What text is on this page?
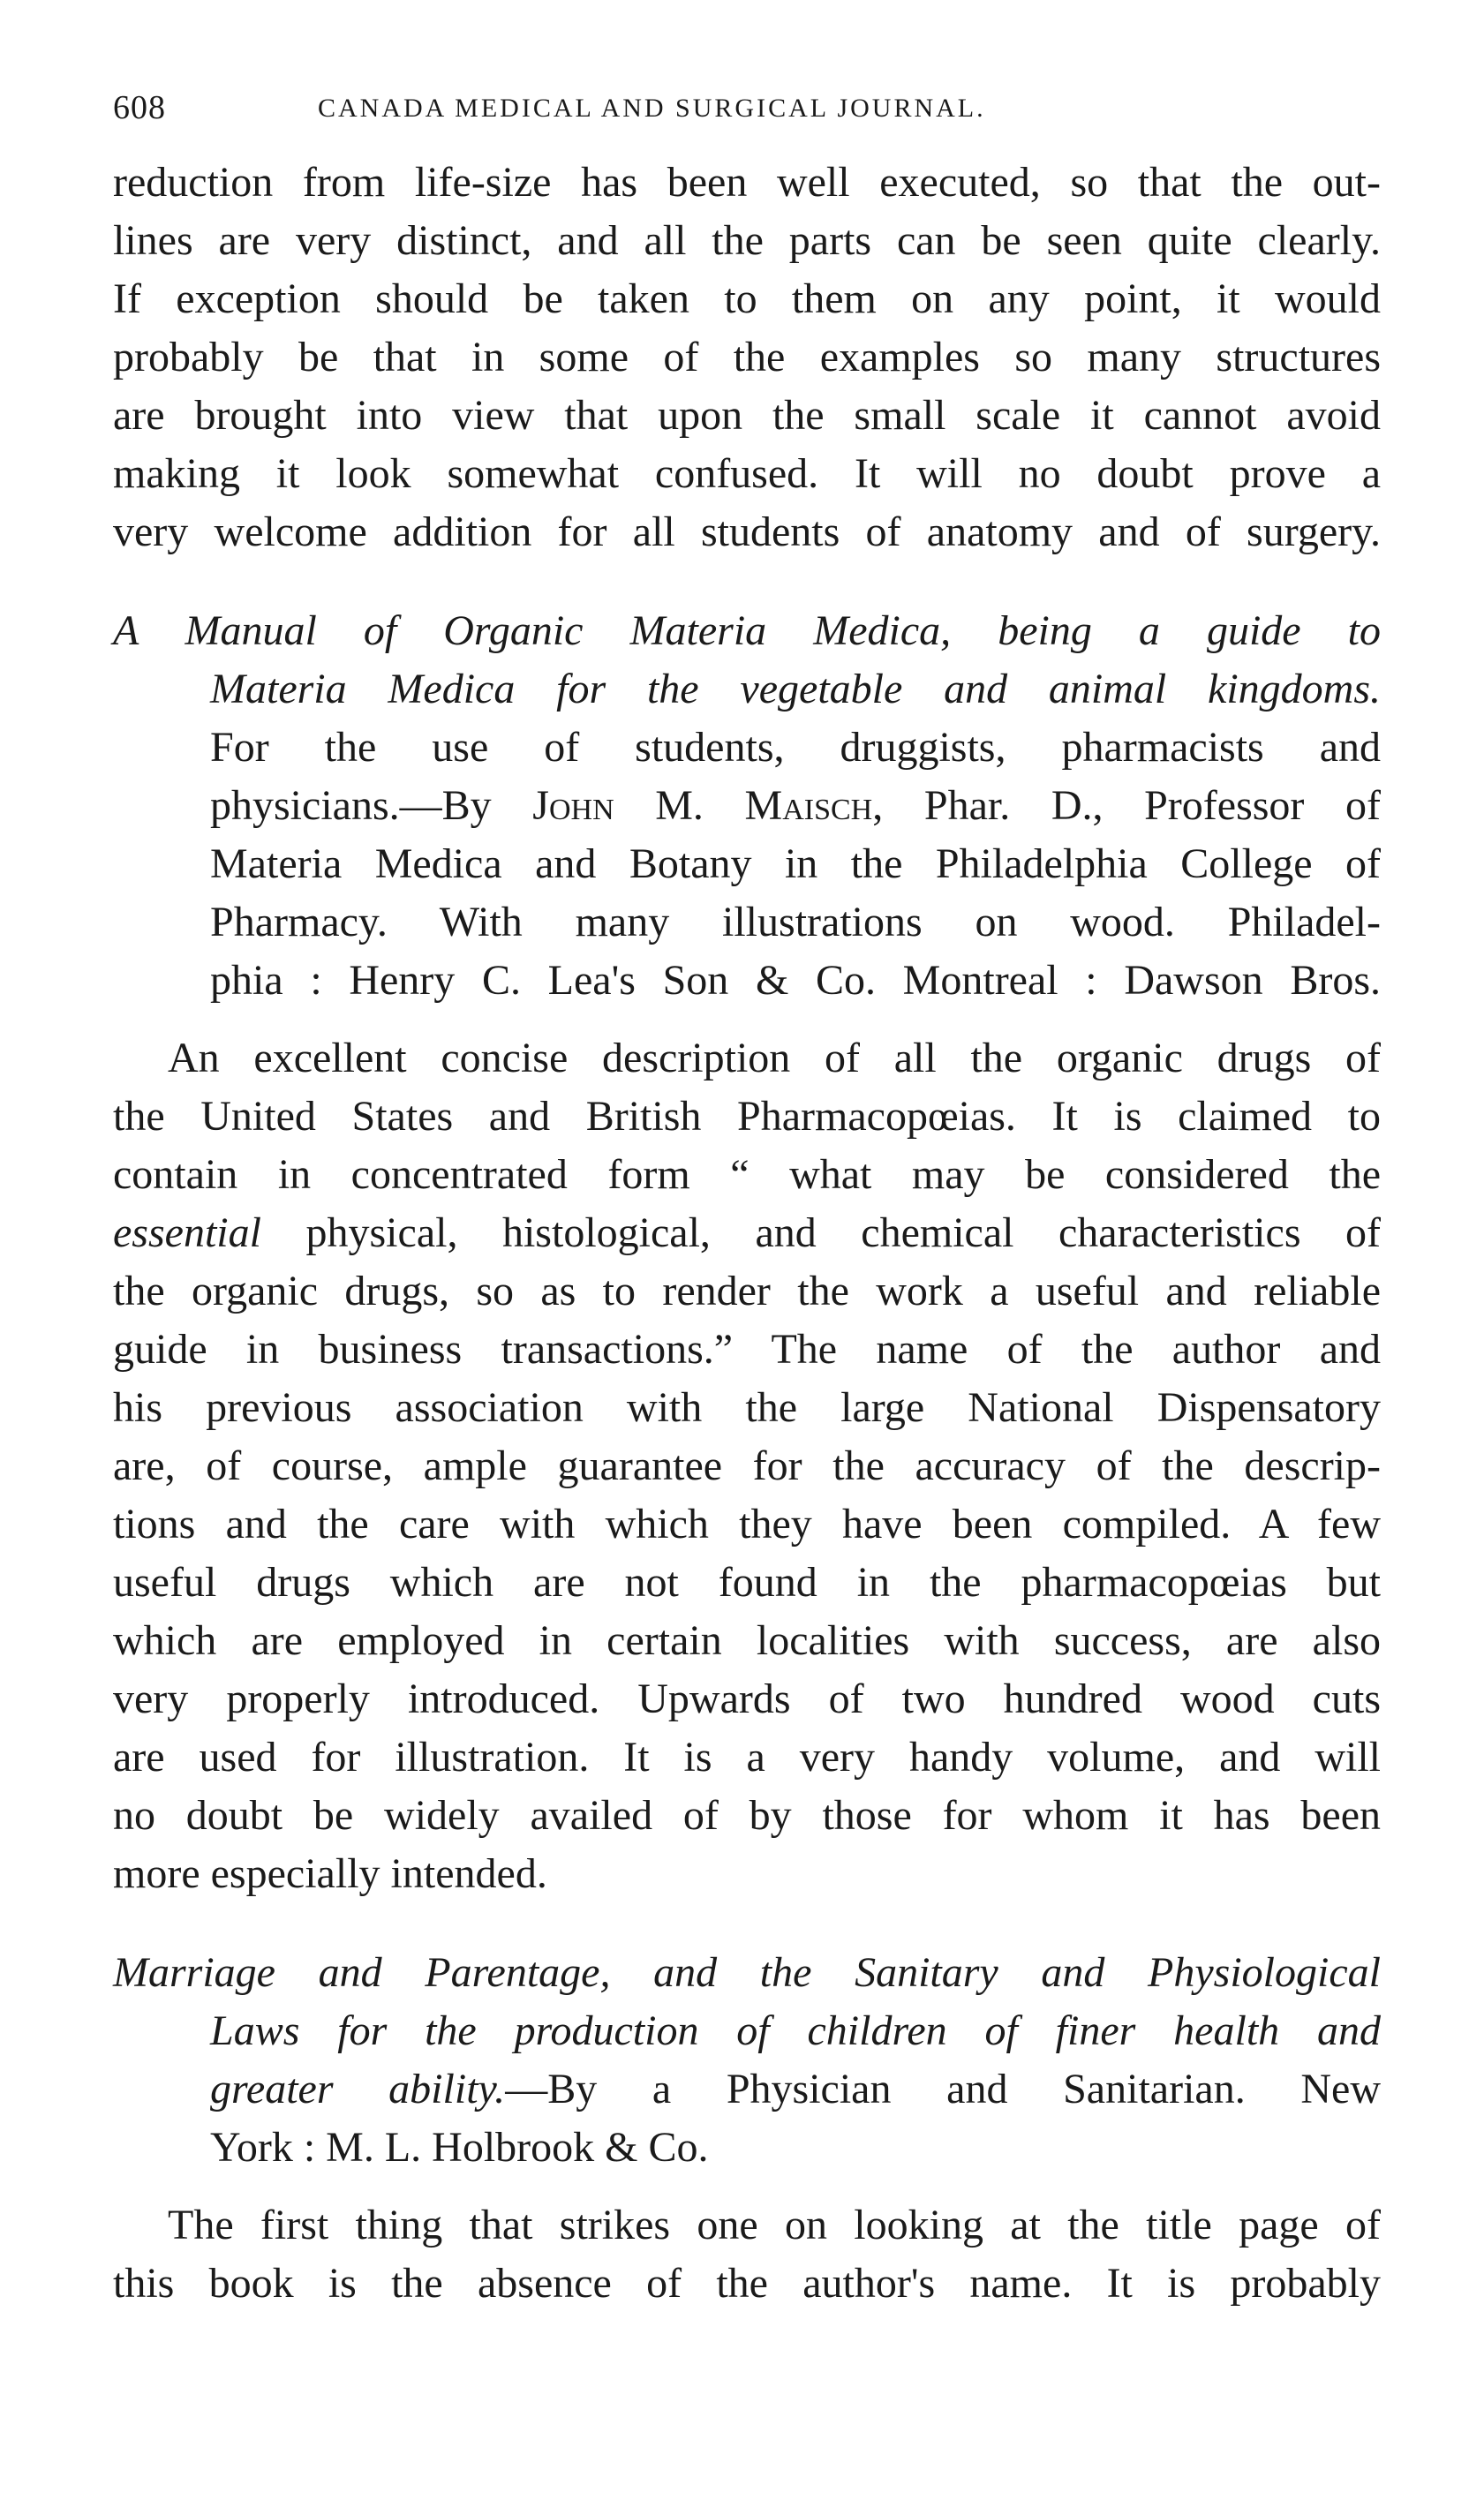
608	CANADA MEDICAL AND SURGICAL JOURNAL.
reduction from life-size has been well executed, so that the out-
lines are very distinct, and all the parts can be seen quite clearly.
If exception should be taken to them on any point, it would
probably be that in some of the examples so many structures
are brought into view that upon the small scale it cannot avoid
making it look somewhat confused. It will no doubt prove a
very welcome addition for all students of anatomy and of surgery.
A Manual of Organic Materia Medica, being a guide to
Materia Medica for the vegetable and animal kingdoms.
For the use of students, druggists, pharmacists and
physicians.—By John M. Maisch, Phar. D., Professor of
Materia Medica and Botany in the Philadelphia College of
Pharmacy. With many illustrations on wood. Philadel-
phia : Henry C. Lea's Son & Co. Montreal : Dawson Bros.
An excellent concise description of all the organic drugs of
the United States and British Pharmacopœias. It is claimed to
contain in concentrated form “ what may be considered the
essential physical, histological, and chemical characteristics of
the organic drugs, so as to render the work a useful and reliable
guide in business transactions.” The name of the author and
his previous association with the large National Dispensatory
are, of course, ample guarantee for the accuracy of the descrip-
tions and the care with which they have been compiled. A few
useful drugs which are not found in the pharmacopœias but
which are employed in certain localities with success, are also
very properly introduced. Upwards of two hundred wood cuts
are used for illustration. It is a very handy volume, and will
no doubt be widely availed of by those for whom it has been
more especially intended.
Marriage and Parentage, and the Sanitary and Physiological
Laws for the production of children of finer health and
greater ability.—By a Physician and Sanitarian. New
York : M. L. Holbrook & Co.
The first thing that strikes one on looking at the title page of
this book is the absence of the author's name. It is probably
